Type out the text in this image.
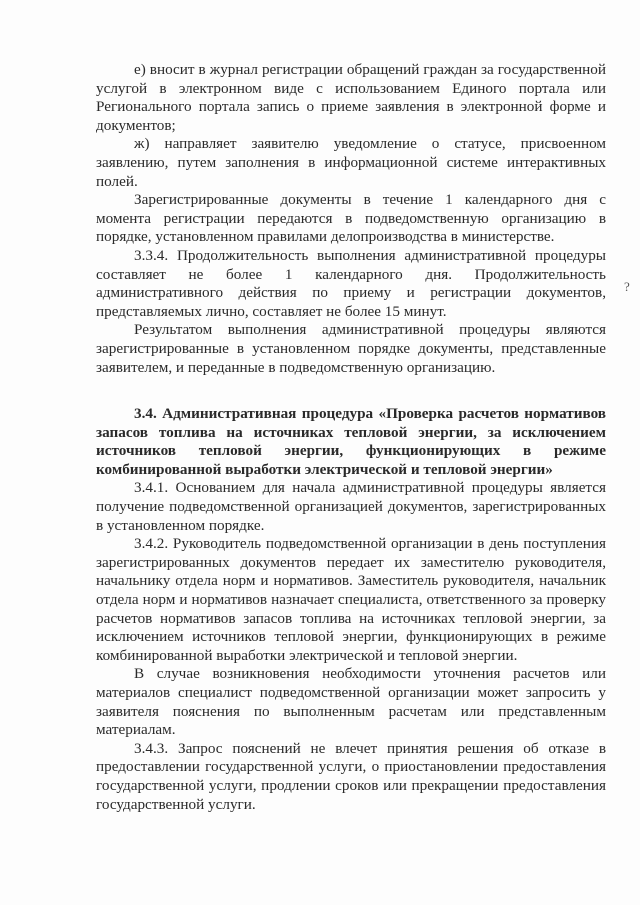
е) вносит в журнал регистрации обращений граждан за государственной услугой в электронном виде с использованием Единого портала или Регионального портала запись о приеме заявления в электронной форме и документов;

ж) направляет заявителю уведомление о статусе, присвоенном заявлению, путем заполнения в информационной системе интерактивных полей.

Зарегистрированные документы в течение 1 календарного дня с момента регистрации передаются в подведомственную организацию в порядке, установленном правилами делопроизводства в министерстве.

3.3.4. Продолжительность выполнения административной процедуры составляет не более 1 календарного дня. Продолжительность административного действия по приему и регистрации документов, представляемых лично, составляет не более 15 минут.

Результатом выполнения административной процедуры являются зарегистрированные в установленном порядке документы, представленные заявителем, и переданные в подведомственную организацию.

3.4. Административная процедура «Проверка расчетов нормативов запасов топлива на источниках тепловой энергии, за исключением источников тепловой энергии, функционирующих в режиме комбинированной выработки электрической и тепловой энергии»

3.4.1. Основанием для начала административной процедуры является получение подведомственной организацией документов, зарегистрированных в установленном порядке.

3.4.2. Руководитель подведомственной организации в день поступления зарегистрированных документов передает их заместителю руководителя, начальнику отдела норм и нормативов. Заместитель руководителя, начальник отдела норм и нормативов назначает специалиста, ответственного за проверку расчетов нормативов запасов топлива на источниках тепловой энергии, за исключением источников тепловой энергии, функционирующих в режиме комбинированной выработки электрической и тепловой энергии.

В случае возникновения необходимости уточнения расчетов или материалов специалист подведомственной организации может запросить у заявителя пояснения по выполненным расчетам или представленным материалам.

3.4.3. Запрос пояснений не влечет принятия решения об отказе в предоставлении государственной услуги, о приостановлении предоставления государственной услуги, продлении сроков или прекращении предоставления государственной услуги.

?
